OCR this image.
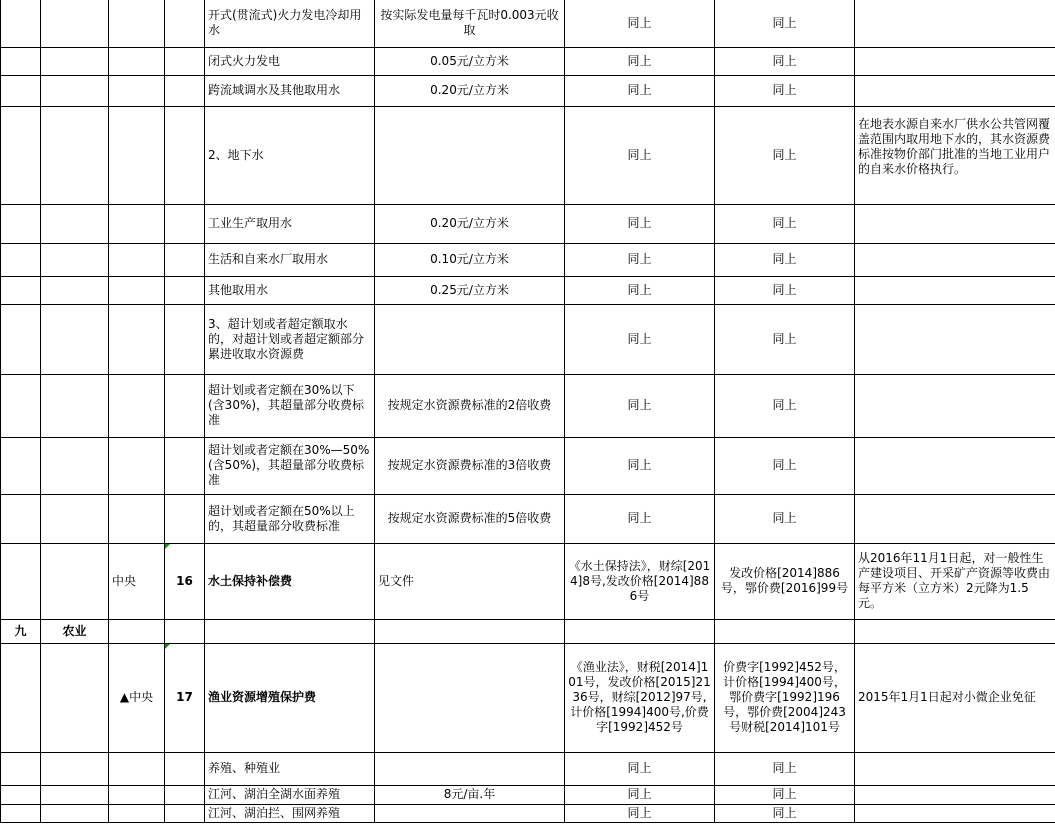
				开式(贯流式)火力发电冷却用水	按实际发电量每千瓦时0.003元收取	同上	同上	
				闭式火力发电	0.05元/立方米	同上	同上	
				跨流域调水及其他取用水	0.20元/立方米	同上	同上	
				2、地下水		同上	同上	在地表水源自来水厂供水公共管网覆盖范围内取用地下水的，其水资源费标准按物价部门批准的当地工业用户的自来水价格执行。
				工业生产取用水	0.20元/立方米	同上	同上	
				生活和自来水厂取用水	0.10元/立方米	同上	同上	
				其他取用水	0.25元/立方米	同上	同上	
				3、超计划或者超定额取水的，对超计划或者超定额部分累进收取水资源费		同上	同上	
				超计划或者定额在30%以下(含30%)，其超量部分收费标准	按规定水资源费标准的2倍收费	同上	同上	
				超计划或者定额在30%—50%(含50%)，其超量部分收费标准	按规定水资源费标准的3倍收费	同上	同上	
				超计划或者定额在50%以上的，其超量部分收费标准	按规定水资源费标准的5倍收费	同上	同上	
		中央	16	水土保持补偿费	见文件	《水土保持法》，财综[2014]8号,发改价格[2014]886号	发改价格[2014]886号，鄂价费[2016]99号	从2016年11月1日起，对一般性生产建设项目、开采矿产资源等收费由每平方米（立方米）2元降为1.5元。
九	农业							
		▲中央	17	渔业资源增殖保护费		《渔业法》，财税[2014]101号，发改价格[2015]2136号，财综[2012]97号,计价格[1994]400号,价费字[1992]452号	价费字[1992]452号，计价格[1994]400号，鄂价费字[1992]196号，鄂价费[2004]243号财税[2014]101号	2015年1月1日起对小微企业免征
				养殖、种殖业		同上	同上	
				江河、湖泊全湖水面养殖	8元/亩.年	同上	同上	
				江河、湖泊拦、围网养殖		同上	同上	
